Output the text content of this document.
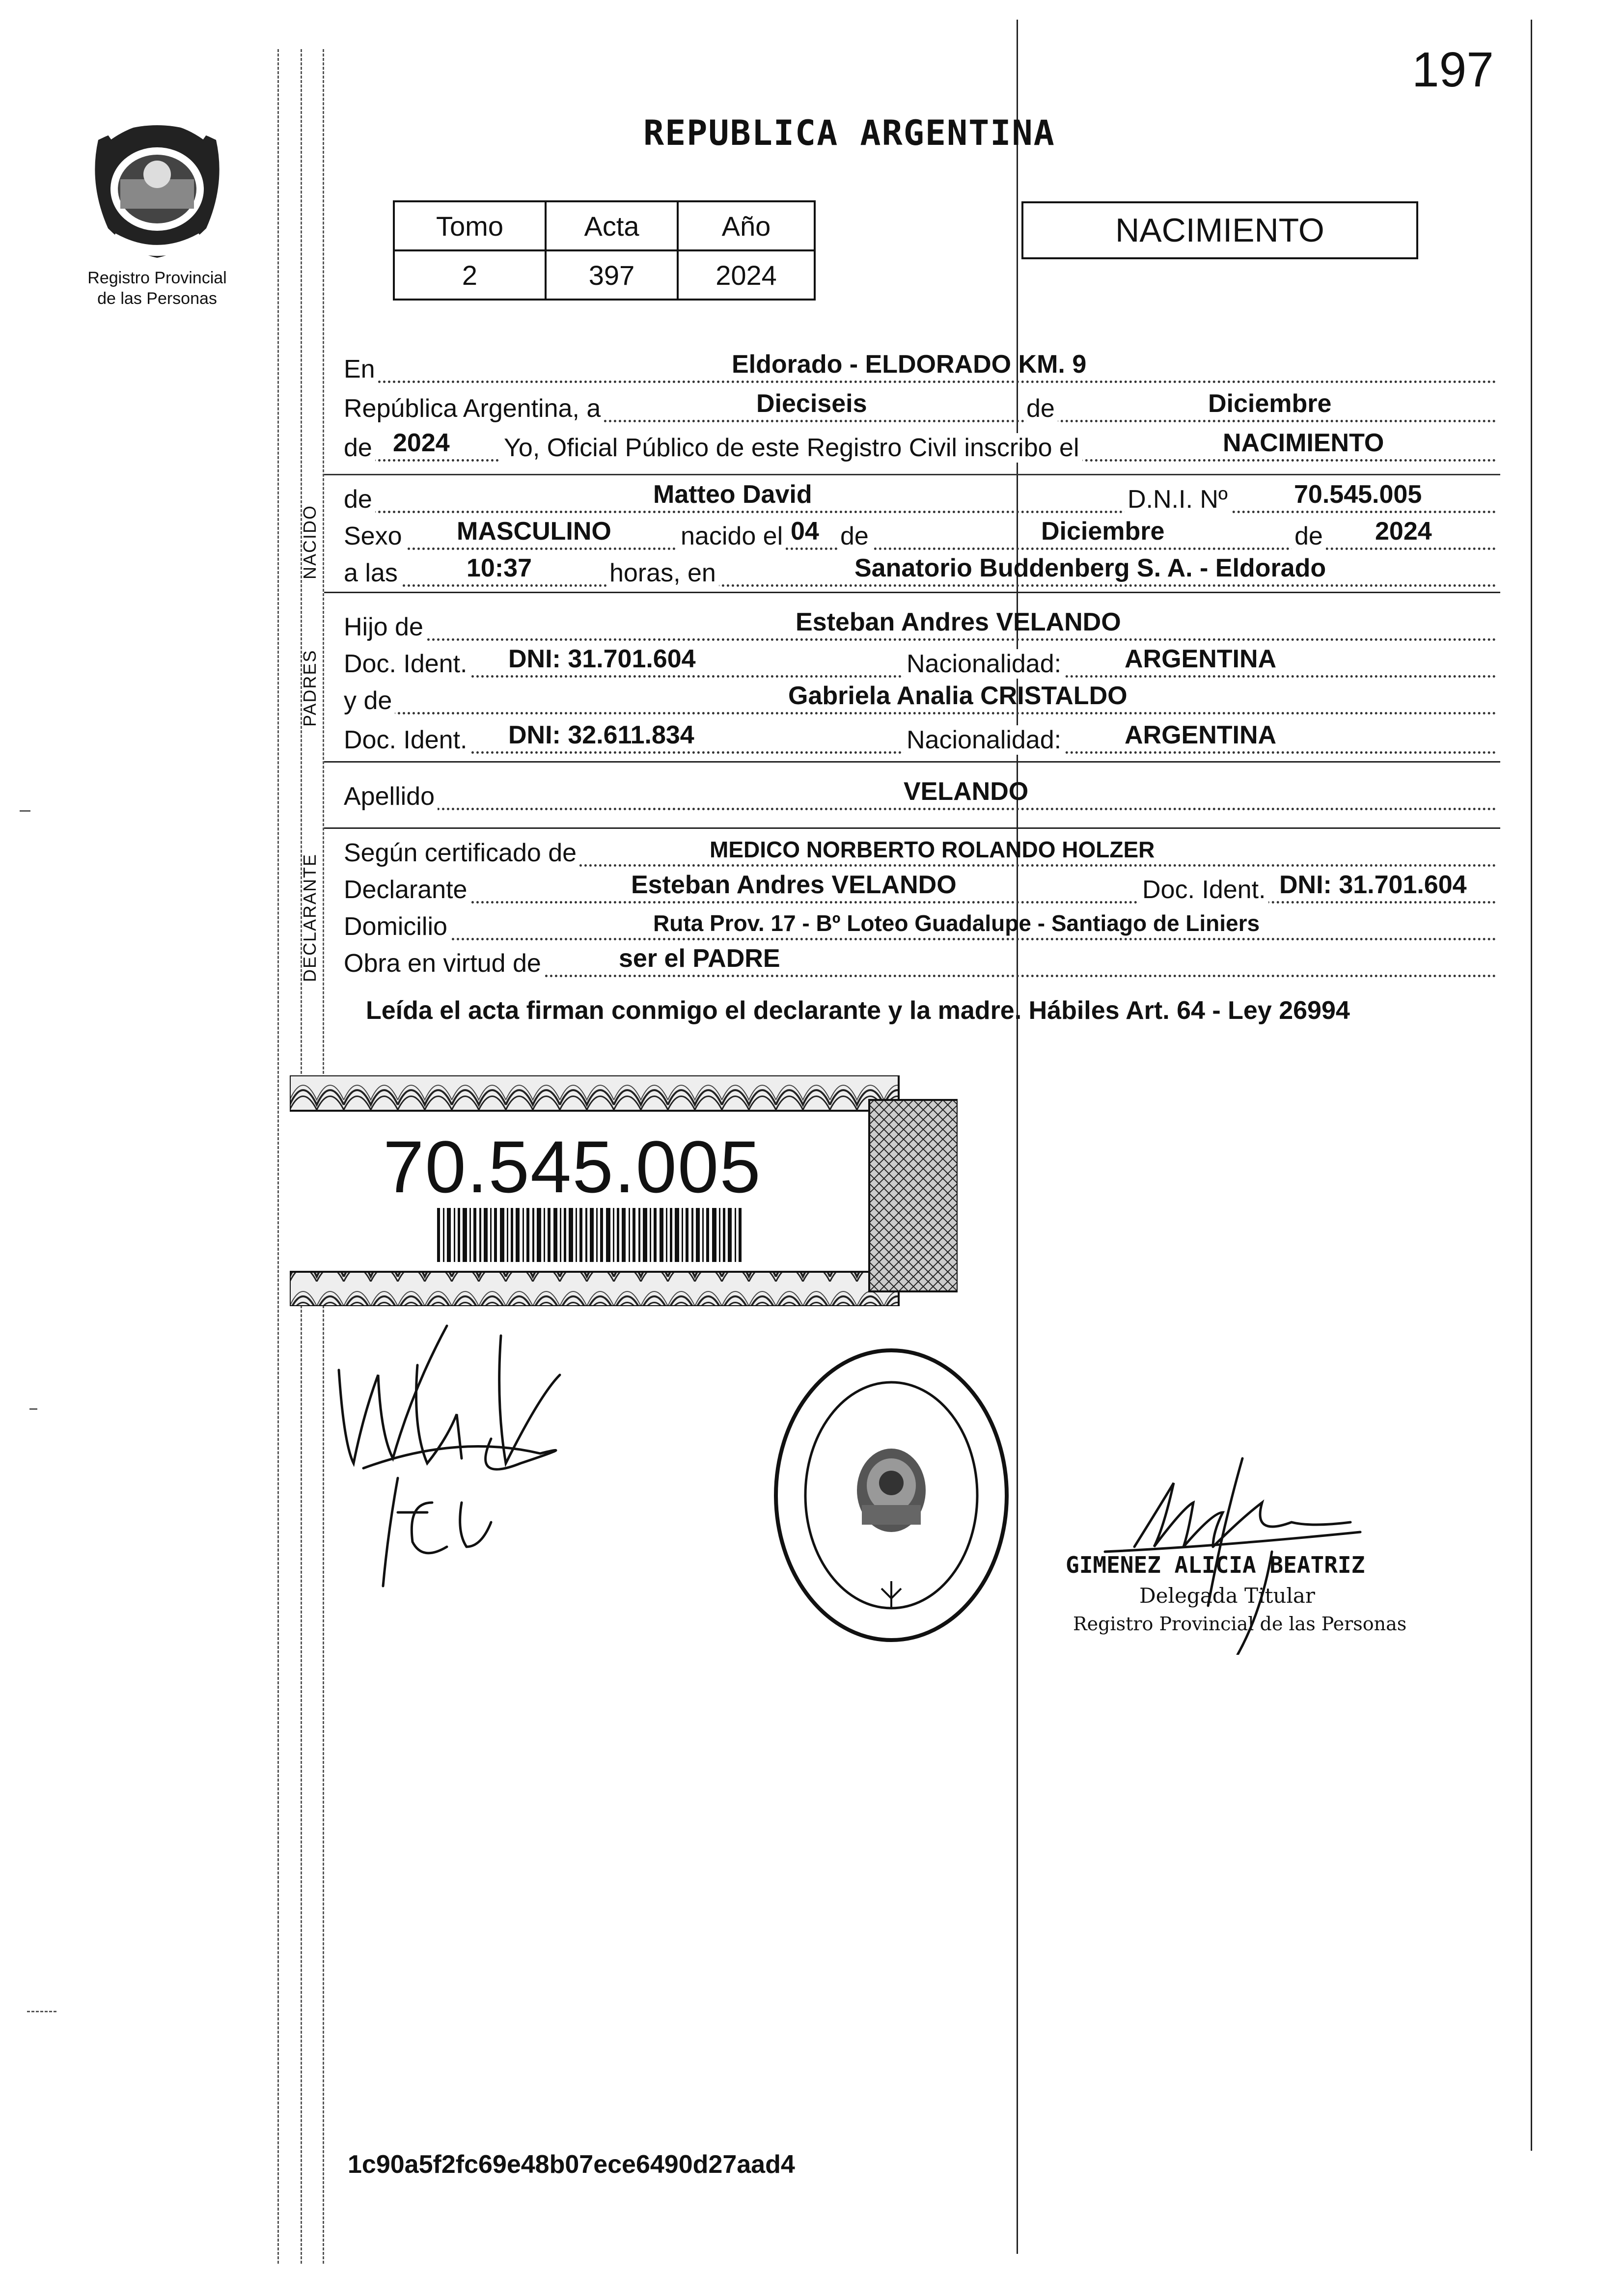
197
Registro Provincial
de las Personas
REPUBLICA ARGENTINA
Tomo	Acta	Año
2	397	2024
NACIMIENTO
NACIDO
PADRES
DECLARANTE
En	Eldorado - ELDORADO KM. 9
República Argentina, a	Dieciseis	de	Diciembre
de 2024 Yo, Oficial Público de este Registro Civil inscribo el	NACIMIENTO
de	Matteo David	D.N.I. Nº	70.545.005
Sexo MASCULINO	nacido el 04 de	Diciembre	de 2024
a las	10:37	horas, en	Sanatorio Buddenberg S. A. - Eldorado
Hijo de	Esteban Andres VELANDO
Doc. Ident. DNI: 31.701.604	Nacionalidad: ARGENTINA
y de	Gabriela Analia CRISTALDO
Doc. Ident. DNI: 32.611.834	Nacionalidad: ARGENTINA
Apellido	VELANDO
Según certificado de	MEDICO NORBERTO ROLANDO HOLZER
Declarante	Esteban Andres VELANDO	Doc. Ident. DNI: 31.701.604
Domicilio	Ruta Prov. 17 - Bº Loteo Guadalupe - Santiago de Liniers
Obra en virtud de	ser el PADRE
Leída el acta firman conmigo el declarante y la madre. Hábiles Art. 64 - Ley 26994
70.545.005
GIMENEZ ALICIA BEATRIZ
Delegada Titular
Registro Provincial de las Personas
1c90a5f2fc69e48b07ece6490d27aad4
